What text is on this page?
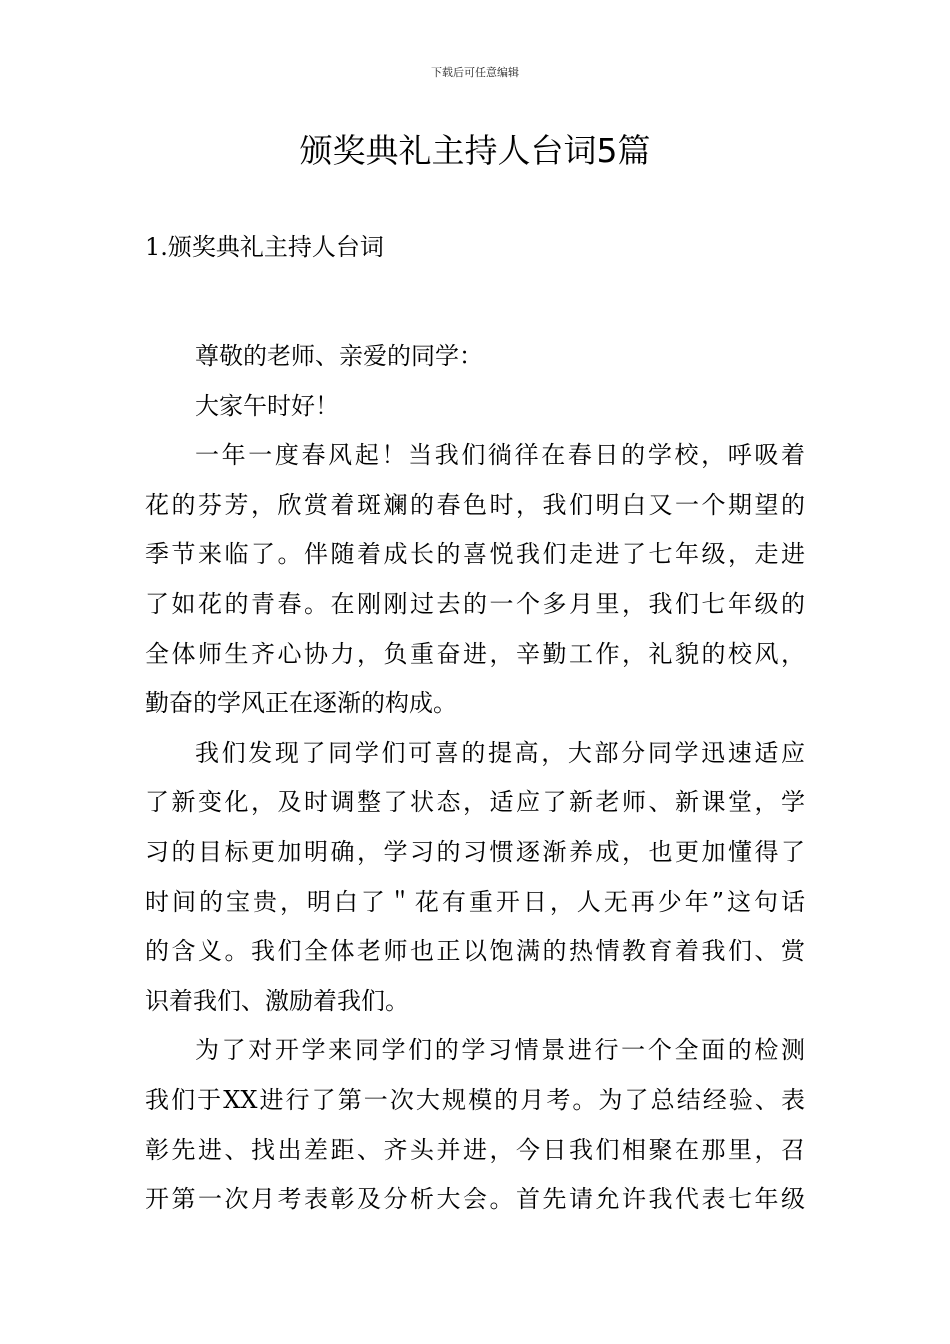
下载后可任意编辑
颁奖典礼主持人台词5篇
1.颁奖典礼主持人台词
尊敬的老师、亲爱的同学：
大家午时好！
一年一度春风起！当我们徜徉在春日的学校，呼吸着
花的芬芳，欣赏着斑斓的春色时，我们明白又一个期望的
季节来临了。伴随着成长的喜悦我们走进了七年级，走进
了如花的青春。在刚刚过去的一个多月里，我们七年级的
全体师生齐心协力，负重奋进，辛勤工作，礼貌的校风，
勤奋的学风正在逐渐的构成。
我们发现了同学们可喜的提高，大部分同学迅速适应
了新变化，及时调整了状态，适应了新老师、新课堂，学
习的目标更加明确，学习的习惯逐渐养成，也更加懂得了
时间的宝贵，明白了＂花有重开日，人无再少年”这句话
的含义。我们全体老师也正以饱满的热情教育着我们、赏
识着我们、激励着我们。
为了对开学来同学们的学习情景进行一个全面的检测
我们于XX进行了第一次大规模的月考。为了总结经验、表
彰先进、找出差距、齐头并进，今日我们相聚在那里，召
开第一次月考表彰及分析大会。首先请允许我代表七年级
